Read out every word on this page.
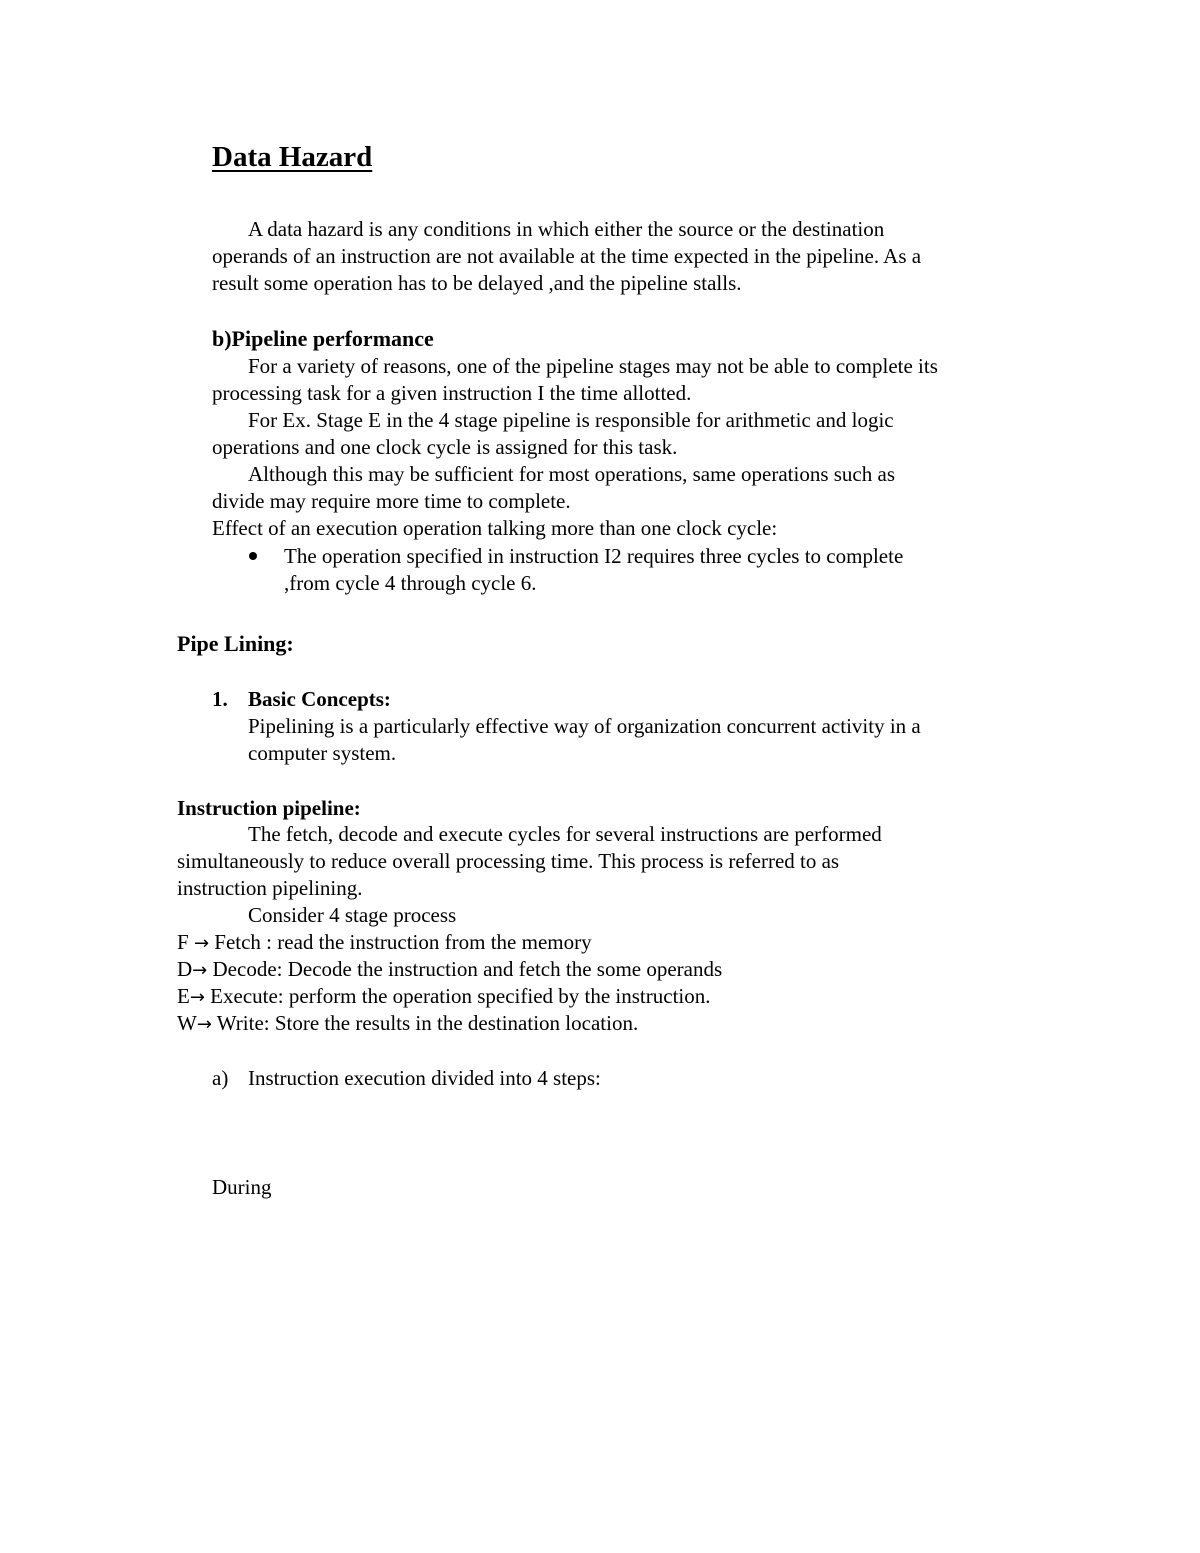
Data Hazard
A data hazard is any conditions in which either the source or the destination
operands of an instruction are not available at the time expected in the pipeline. As a
result some operation has to be delayed ,and the pipeline stalls.
b)Pipeline performance
For a variety of reasons, one of the pipeline stages may not be able to complete its
processing task for a given instruction I the time allotted.
For Ex. Stage E in the 4 stage pipeline is responsible for arithmetic and logic
operations and one clock cycle is assigned for this task.
Although this may be sufficient for most operations, same operations such as
divide may require more time to complete.
Effect of an execution operation talking more than one clock cycle:
The operation specified in instruction I2 requires three cycles to complete
,from cycle 4 through cycle 6.
Pipe Lining:
1. Basic Concepts:
Pipelining is a particularly effective way of organization concurrent activity in a
computer system.
Instruction pipeline:
The fetch, decode and execute cycles for several instructions are performed
simultaneously to reduce overall processing time. This process is referred to as
instruction pipelining.
Consider 4 stage process
F → Fetch : read the instruction from the memory
D→ Decode: Decode the instruction and fetch the some operands
E→ Execute: perform the operation specified by the instruction.
W→ Write: Store the results in the destination location.
a) Instruction execution divided into 4 steps:
During
